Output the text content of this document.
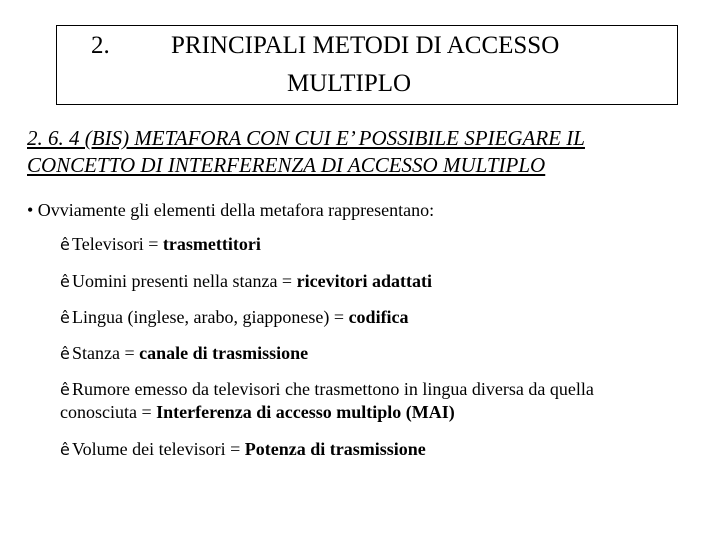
2. PRINCIPALI METODI DI ACCESSO
MULTIPLO
2. 6. 4 (BIS) METAFORA CON CUI E’ POSSIBILE SPIEGARE IL
CONCETTO DI INTERFERENZA DI ACCESSO MULTIPLO
• Ovviamente gli elementi della metafora rappresentano:
ê Televisori = trasmettitori
ê Uomini presenti nella stanza = ricevitori adattati
ê Lingua (inglese, arabo, giapponese) = codifica
ê Stanza = canale di trasmissione
ê Rumore emesso da televisori che trasmettono in lingua diversa da quella
conosciuta = Interferenza di accesso multiplo (MAI)
ê Volume dei televisori = Potenza di trasmissione
